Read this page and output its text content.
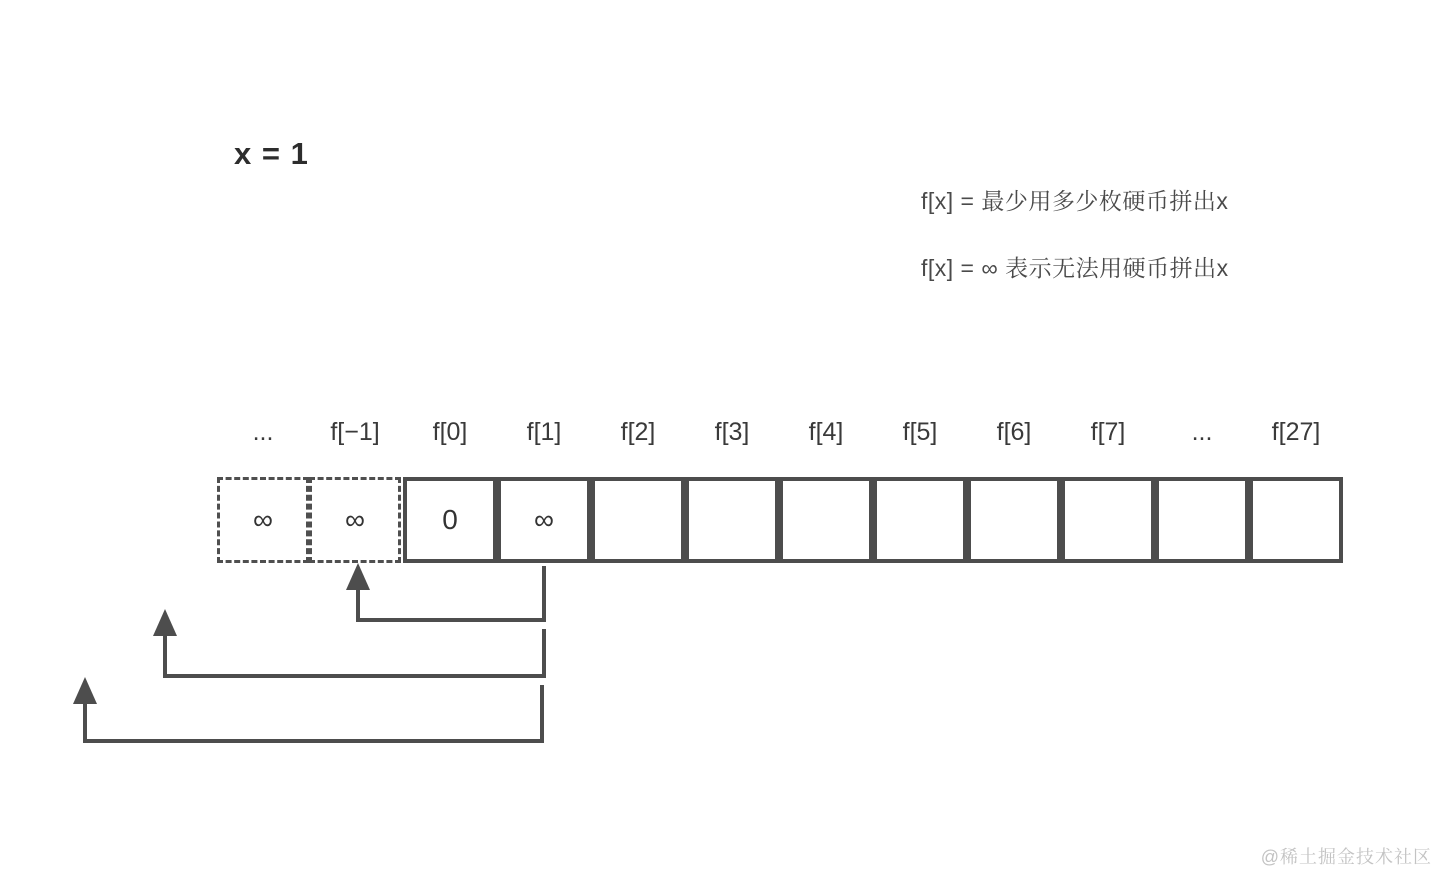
x = 1
f[x] = 最少用多少枚硬币拼出x
f[x] = ∞ 表示无法用硬币拼出x
...	f[−1]	f[0]	f[1]	f[2]	f[3]	f[4]	f[5]	f[6]	f[7]	...	f[27]
∞	∞	0	∞
@稀土掘金技术社区
